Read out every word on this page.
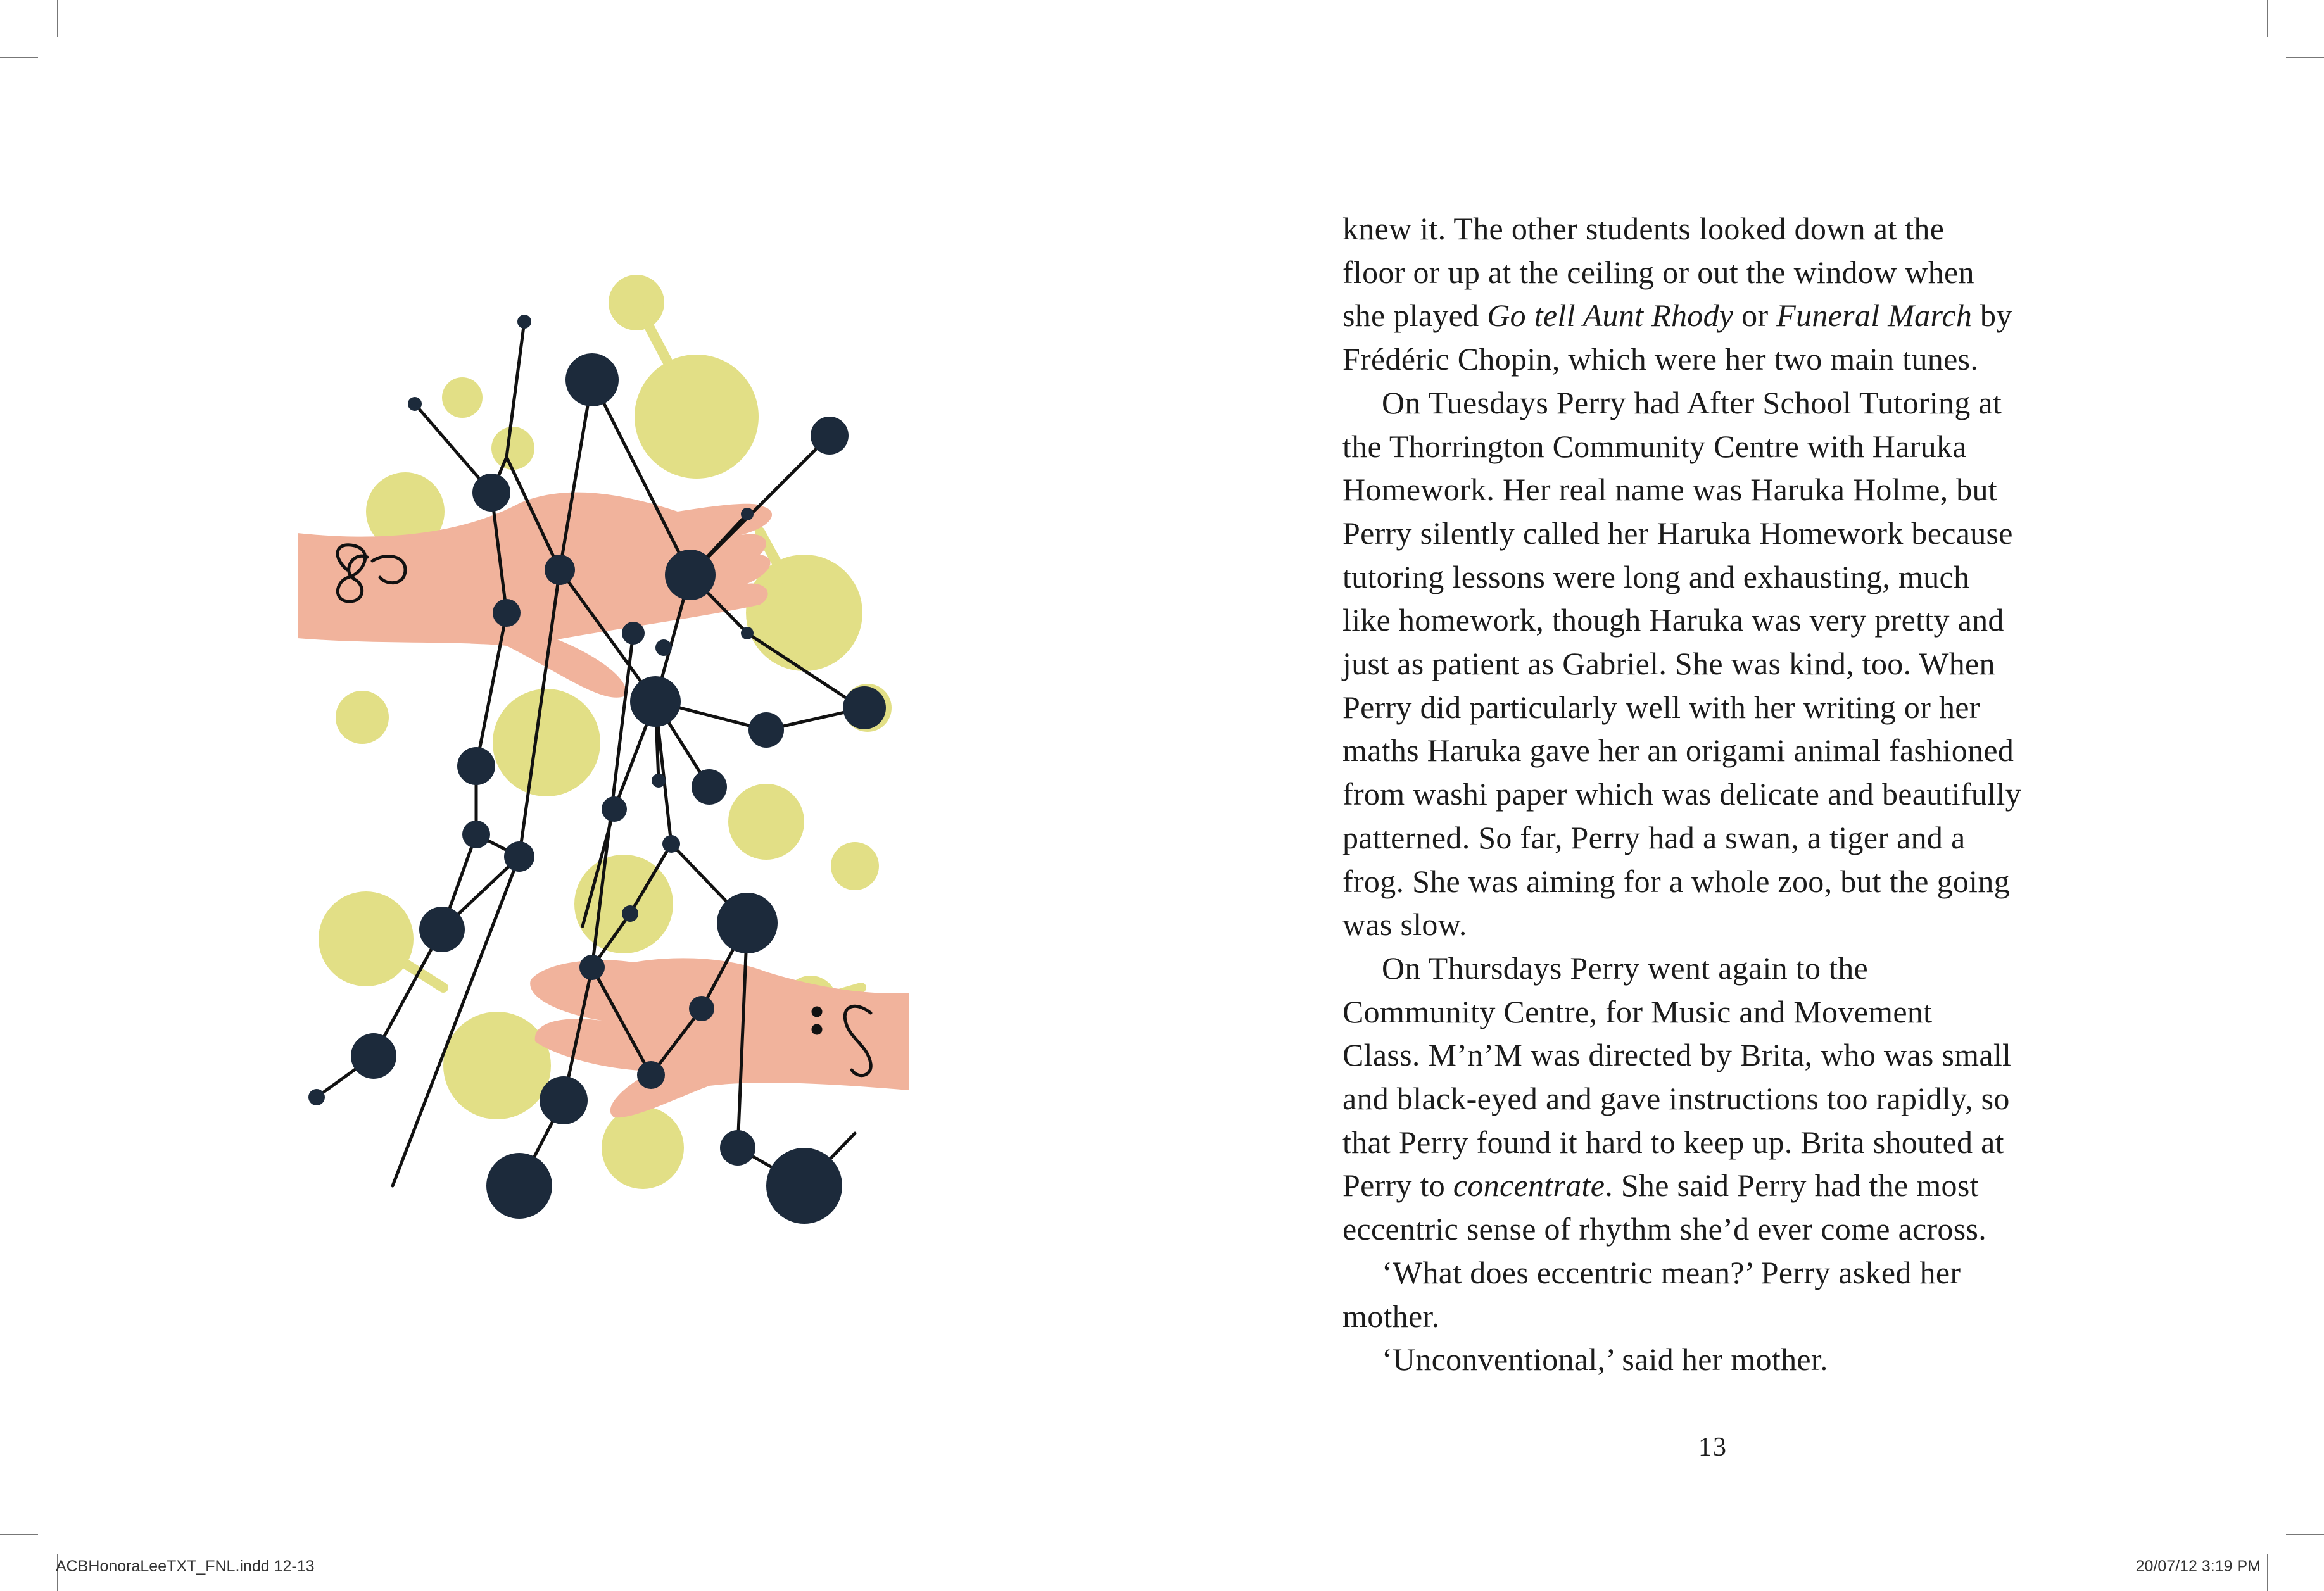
knew it. The other students looked down at the

floor or up at the ceiling or out the window when

she played Go tell Aunt Rhody or Funeral March by

Frédéric Chopin, which were her two main tunes.

On Tuesdays Perry had After School Tutoring at

the Thorrington Community Centre with Haruka

Homework. Her real name was Haruka Holme, but

Perry silently called her Haruka Homework because

tutoring lessons were long and exhausting, much

like homework, though Haruka was very pretty and

just as patient as Gabriel. She was kind, too. When

Perry did particularly well with her writing or her

maths Haruka gave her an origami animal fashioned

from washi paper which was delicate and beautifully

patterned. So far, Perry had a swan, a tiger and a

frog. She was aiming for a whole zoo, but the going

was slow.

On Thursdays Perry went again to the

Community Centre, for Music and Movement

Class. M’n’M was directed by Brita, who was small

and black-eyed and gave instructions too rapidly, so

that Perry found it hard to keep up. Brita shouted at

Perry to concentrate. She said Perry had the most

eccentric sense of rhythm she’d ever come across.

‘What does eccentric mean?’ Perry asked her

mother.

‘Unconventional,’ said her mother.

13
ACBHonoraLeeTXT_FNL.indd 12-13	20/07/12 3:19 PM
